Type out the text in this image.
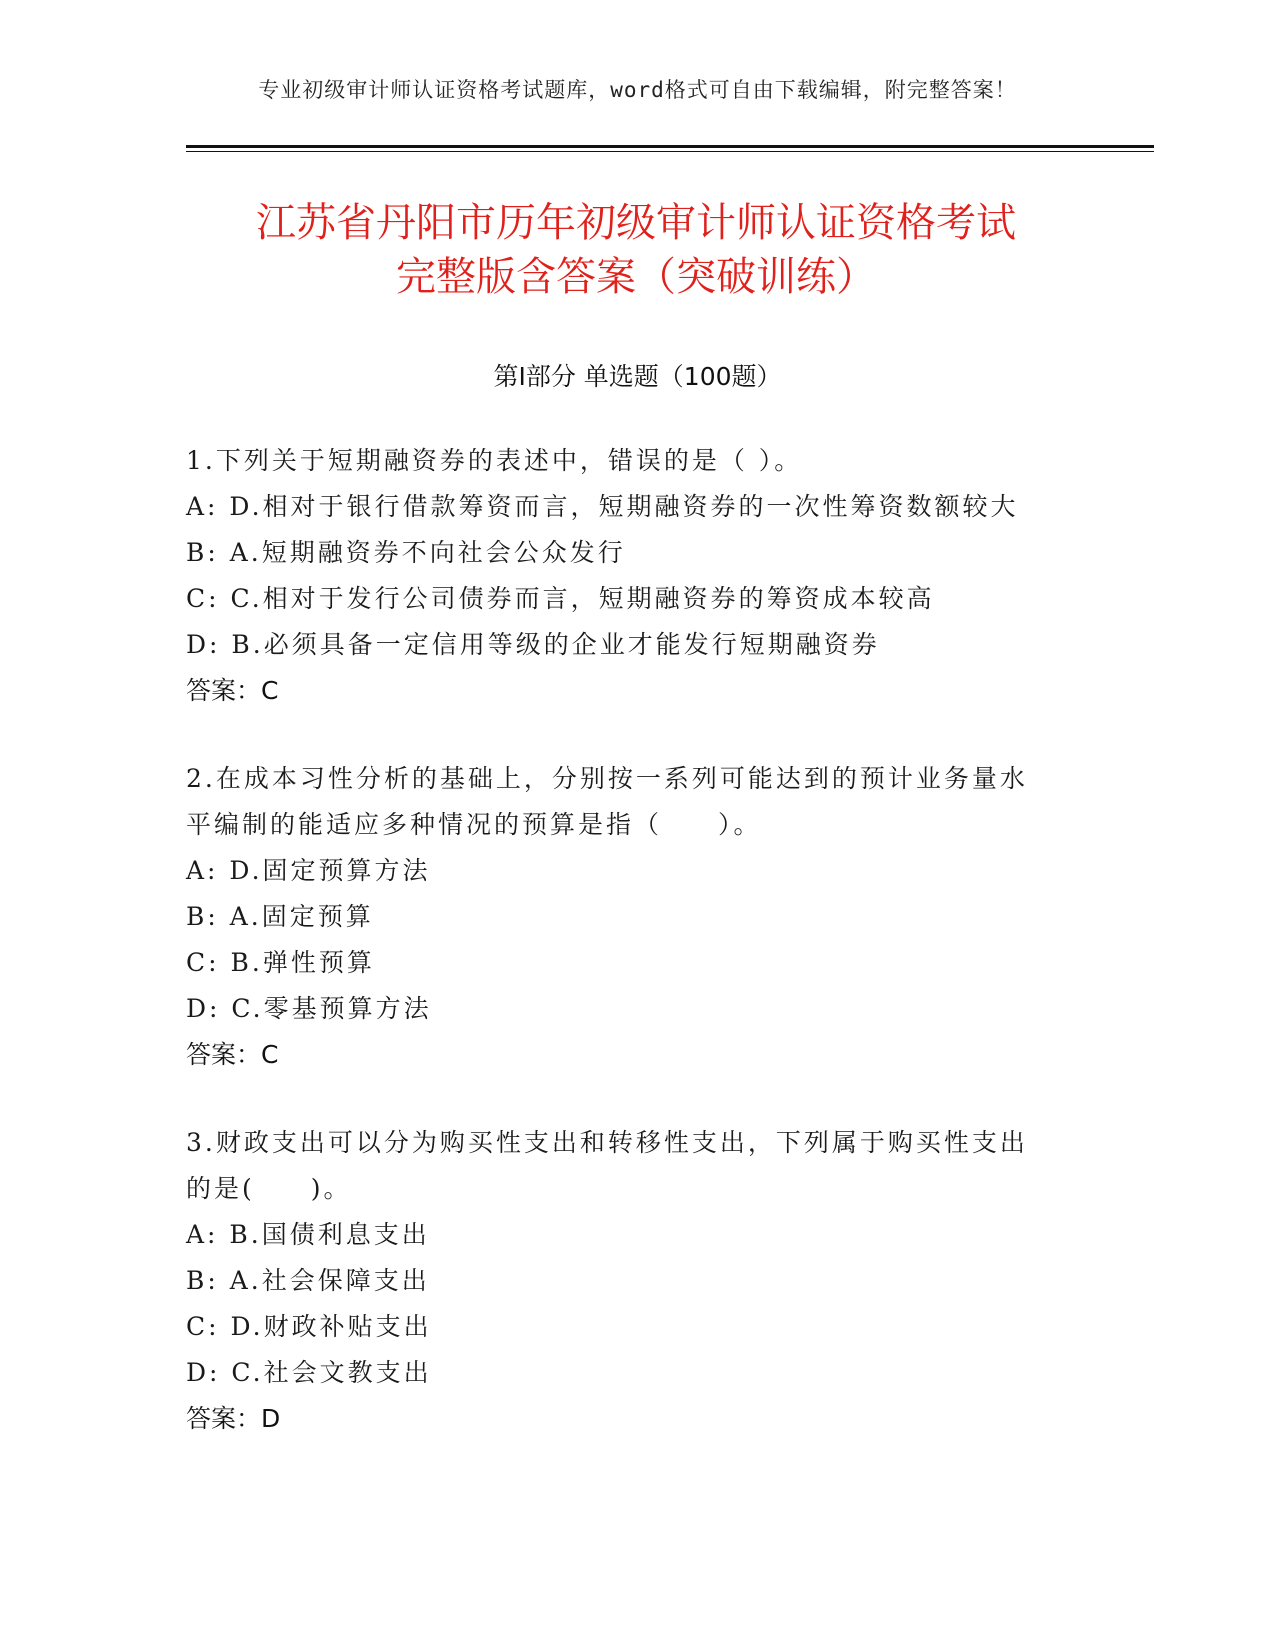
专业初级审计师认证资格考试题库，word格式可自由下载编辑，附完整答案！
江苏省丹阳市历年初级审计师认证资格考试
完整版含答案（突破训练）
第Ⅰ部分 单选题（100题）
1.下列关于短期融资券的表述中，错误的是（ ）。
A: D.相对于银行借款筹资而言，短期融资券的一次性筹资数额较大
B: A.短期融资券不向社会公众发行
C: C.相对于发行公司债券而言，短期融资券的筹资成本较高
D: B.必须具备一定信用等级的企业才能发行短期融资券
答案：C
2.在成本习性分析的基础上，分别按一系列可能达到的预计业务量水
平编制的能适应多种情况的预算是指（　　）。
A: D.固定预算方法
B: A.固定预算
C: B.弹性预算
D: C.零基预算方法
答案：C
3.财政支出可以分为购买性支出和转移性支出，下列属于购买性支出
的是(　　)。
A: B.国债利息支出
B: A.社会保障支出
C: D.财政补贴支出
D: C.社会文教支出
答案：D
